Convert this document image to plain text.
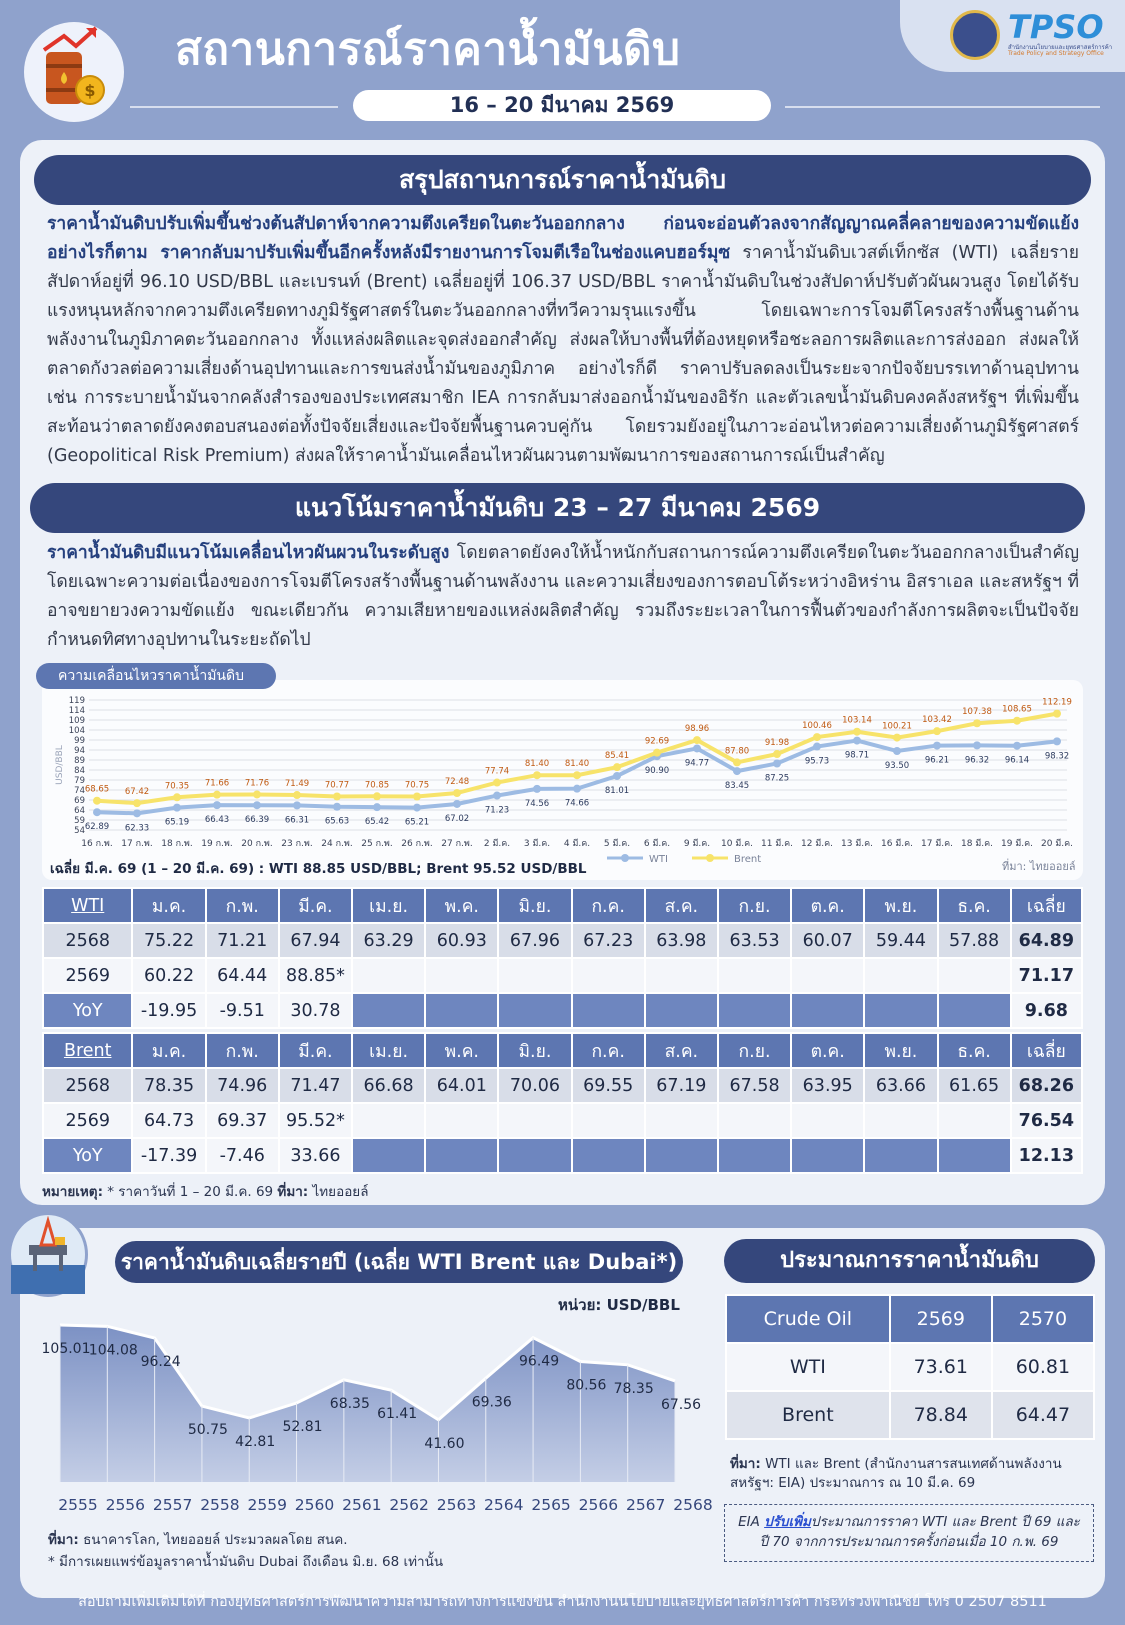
$
สถานการณ์ราคาน้ำมันดิบ
16 – 20 มีนาคม 2569
TPSO
สำนักงานนโยบายและยุทธศาสตร์การค้า
Trade Policy and Strategy Office
สรุปสถานการณ์ราคาน้ำมันดิบ
ราคาน้ำมันดิบปรับเพิ่มขึ้นช่วงต้นสัปดาห์จากความตึงเครียดในตะวันออกกลาง ก่อนจะอ่อนตัวลงจากสัญญาณคลี่คลายของความขัดแย้ง อย่างไรก็ตาม ราคากลับมาปรับเพิ่มขึ้นอีกครั้งหลังมีรายงานการโจมตีเรือในช่องแคบฮอร์มุซ ราคาน้ำมันดิบเวสต์เท็กซัส (WTI) เฉลี่ยรายสัปดาห์อยู่ที่ 96.10 USD/BBL และเบรนท์ (Brent) เฉลี่ยอยู่ที่ 106.37 USD/BBL ราคาน้ำมันดิบในช่วงสัปดาห์ปรับตัวผันผวนสูง โดยได้รับแรงหนุนหลักจากความตึงเครียดทางภูมิรัฐศาสตร์ในตะวันออกกลางที่ทวีความรุนแรงขึ้น โดยเฉพาะการโจมตีโครงสร้างพื้นฐานด้านพลังงานในภูมิภาคตะวันออกกลาง ทั้งแหล่งผลิตและจุดส่งออกสำคัญ ส่งผลให้บางพื้นที่ต้องหยุดหรือชะลอการผลิตและการส่งออก ส่งผลให้ตลาดกังวลต่อความเสี่ยงด้านอุปทานและการขนส่งน้ำมันของภูมิภาค อย่างไรก็ดี ราคาปรับลดลงเป็นระยะจากปัจจัยบรรเทาด้านอุปทาน เช่น การระบายน้ำมันจากคลังสำรองของประเทศสมาชิก IEA การกลับมาส่งออกน้ำมันของอิรัก และตัวเลขน้ำมันดิบคงคลังสหรัฐฯ ที่เพิ่มขึ้น สะท้อนว่าตลาดยังคงตอบสนองต่อทั้งปัจจัยเสี่ยงและปัจจัยพื้นฐานควบคู่กัน โดยรวมยังอยู่ในภาวะอ่อนไหวต่อความเสี่ยงด้านภูมิรัฐศาสตร์ (Geopolitical Risk Premium) ส่งผลให้ราคาน้ำมันเคลื่อนไหวผันผวนตามพัฒนาการของสถานการณ์เป็นสำคัญ
แนวโน้มราคาน้ำมันดิบ 23 – 27 มีนาคม 2569
ราคาน้ำมันดิบมีแนวโน้มเคลื่อนไหวผันผวนในระดับสูง โดยตลาดยังคงให้น้ำหนักกับสถานการณ์ความตึงเครียดในตะวันออกกลางเป็นสำคัญ โดยเฉพาะความต่อเนื่องของการโจมตีโครงสร้างพื้นฐานด้านพลังงาน และความเสี่ยงของการตอบโต้ระหว่างอิหร่าน อิสราเอล และสหรัฐฯ ที่อาจขยายวงความขัดแย้ง ขณะเดียวกัน ความเสียหายของแหล่งผลิตสำคัญ รวมถึงระยะเวลาในการฟื้นตัวของกำลังการผลิตจะเป็นปัจจัยกำหนดทิศทางอุปทานในระยะถัดไป
ความเคลื่อนไหวราคาน้ำมันดิบ
54
59
64
69
74
79
84
89
94
99
104
109
114
119
USD/BBL
16 ก.พ. 17 ก.พ. 18 ก.พ. 19 ก.พ. 20 ก.พ. 23 ก.พ. 24 ก.พ. 25 ก.พ. 26 ก.พ. 27 ก.พ. 2 มี.ค. 3 มี.ค. 4 มี.ค. 5 มี.ค. 6 มี.ค. 9 มี.ค. 10 มี.ค. 11 มี.ค. 12 มี.ค. 13 มี.ค. 16 มี.ค. 17 มี.ค. 18 มี.ค. 19 มี.ค. 20 มี.ค.
62.89 62.33
65.19 66.43 66.39 66.31 65.63 65.42 65.21 67.02
71.23
74.56 74.66
81.01
90.90
94.77
83.45
87.25
95.73
98.71
93.50
96.21 96.32 96.14 98.32
68.65 67.42
70.35 71.66 71.76 71.49 70.77 70.85 70.75 72.48
77.74
81.40 81.40
85.41
92.69
98.96
87.80
91.98
100.46
103.14
100.21
103.42
107.38 108.65
112.19
WTI	Brent
เฉลี่ย มี.ค. 69 (1 – 20 มี.ค. 69) : WTI 88.85 USD/BBL; Brent 95.52 USD/BBL	ที่มา: ไทยออยล์
WTI	ม.ค.	ก.พ.	มี.ค.	เม.ย.	พ.ค.	มิ.ย.	ก.ค.	ส.ค.	ก.ย.	ต.ค.	พ.ย.	ธ.ค.	เฉลี่ย
2568	75.22	71.21	67.94	63.29	60.93	67.96	67.23	63.98	63.53	60.07	59.44	57.88	64.89
2569	60.22	64.44	88.85*										71.17
YoY	-19.95	-9.51	30.78										9.68
Brent	ม.ค.	ก.พ.	มี.ค.	เม.ย.	พ.ค.	มิ.ย.	ก.ค.	ส.ค.	ก.ย.	ต.ค.	พ.ย.	ธ.ค.	เฉลี่ย
2568	78.35	74.96	71.47	66.68	64.01	70.06	69.55	67.19	67.58	63.95	63.66	61.65	68.26
2569	64.73	69.37	95.52*										76.54
YoY	-17.39	-7.46	33.66										12.13
หมายเหตุ: * ราคาวันที่ 1 – 20 มี.ค. 69 ที่มา: ไทยออยล์
ราคาน้ำมันดิบเฉลี่ยรายปี (เฉลี่ย WTI Brent และ Dubai*)
หน่วย: USD/BBL
105.01
104.08
96.24
50.75
42.81
52.81
68.35
61.41
41.60
69.36
96.49
80.56 78.35
67.56
2555 2556 2557 2558 2559 2560 2561 2562 2563 2564 2565 2566 2567 2568
ที่มา: ธนาคารโลก, ไทยออยล์ ประมวลผลโดย สนค.
* มีการเผยแพร่ข้อมูลราคาน้ำมันดิบ Dubai ถึงเดือน มิ.ย. 68 เท่านั้น
ประมาณการราคาน้ำมันดิบ
Crude Oil	2569	2570
WTI	73.61	60.81
Brent	78.84	64.47
ที่มา: WTI และ Brent (สำนักงานสารสนเทศด้านพลังงานสหรัฐฯ: EIA) ประมาณการ ณ 10 มี.ค. 69
EIA ปรับเพิ่มประมาณการราคา WTI และ Brent ปี 69 และปี 70 จากการประมาณการครั้งก่อนเมื่อ 10 ก.พ. 69
สอบถามเพิ่มเติมได้ที่ กองยุทธศาสตร์การพัฒนาความสามารถทางการแข่งขัน สำนักงานนโยบายและยุทธศาสตร์การค้า กระทรวงพาณิชย์ โทร 0 2507 8511
